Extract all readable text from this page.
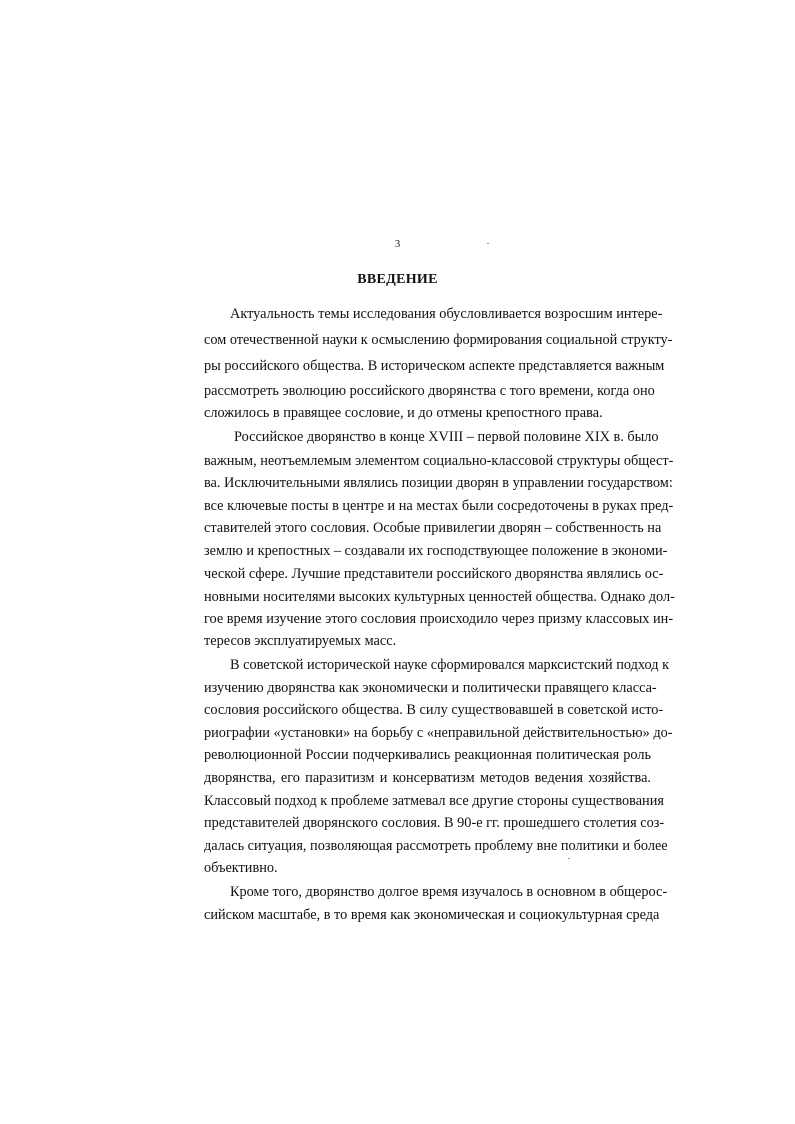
3
ВВЕДЕНИЕ
Актуальность темы исследования обусловливается возросшим интере-
сом отечественной науки к осмыслению формирования социальной структу-
ры российского общества. В историческом аспекте представляется важным
рассмотреть эволюцию российского дворянства с того времени, когда оно
сложилось в правящее сословие, и до отмены крепостного права.
Российское дворянство в конце XVIII – первой половине XIX в. было
важным, неотъемлемым элементом социально-классовой структуры общест-
ва. Исключительными являлись позиции дворян в управлении государством:
все ключевые посты в центре и на местах были сосредоточены в руках пред-
ставителей этого сословия. Особые привилегии дворян – собственность на
землю и крепостных – создавали их господствующее положение в экономи-
ческой сфере. Лучшие представители российского дворянства являлись ос-
новными носителями высоких культурных ценностей общества. Однако дол-
гое время изучение этого сословия происходило через призму классовых ин-
тересов эксплуатируемых масс.
В советской исторической науке сформировался марксистский подход к
изучению дворянства как экономически и политически правящего класса-
сословия российского общества. В силу существовавшей в советской исто-
риографии «установки» на борьбу с «неправильной действительностью» до-
революционной России подчеркивались реакционная политическая роль
дворянства, его паразитизм и консерватизм методов ведения хозяйства.
Классовый подход к проблеме затмевал все другие стороны существования
представителей дворянского сословия. В 90-е гг. прошедшего столетия соз-
далась ситуация, позволяющая рассмотреть проблему вне политики и более
объективно.
Кроме того, дворянство долгое время изучалось в основном в общерос-
сийском масштабе, в то время как экономическая и социокультурная среда
